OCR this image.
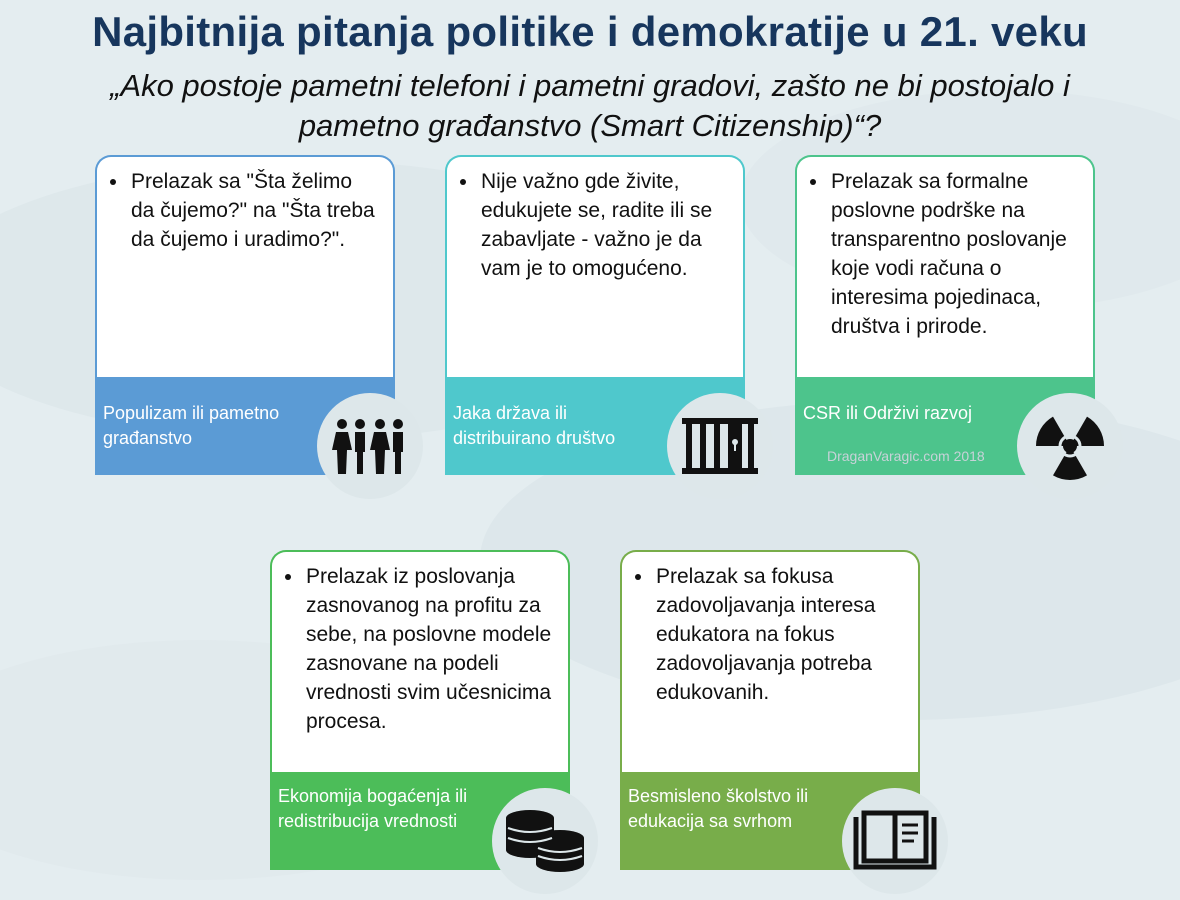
Najbitnija pitanja politike i demokratije u 21. veku
„Ako postoje pametni telefoni i pametni gradovi, zašto ne bi postojalo i
pametno građanstvo (Smart Citizenship)“?
• Prelazak sa "Šta želimo da čujemo?" na "Šta treba da čujemo i uradimo?".
Populizam ili pametno građanstvo
• Nije važno gde živite, edukujete se, radite ili se zabavljate - važno je da vam je to omogućeno.
Jaka država ili distribuirano društvo
• Prelazak sa formalne poslovne podrške na transparentno poslovanje koje vodi računa o interesima pojedinaca, društva i prirode.
CSR ili Održivi razvoj
DraganVaragic.com 2018
• Prelazak iz poslovanja zasnovanog na profitu za sebe, na poslovne modele zasnovane na podeli vrednosti svim učesnicima procesa.
Ekonomija bogaćenja ili redistribucija vrednosti
• Prelazak sa fokusa zadovoljavanja interesa edukatora na fokus zadovoljavanja potreba edukovanih.
Besmisleno školstvo ili edukacija sa svrhom
